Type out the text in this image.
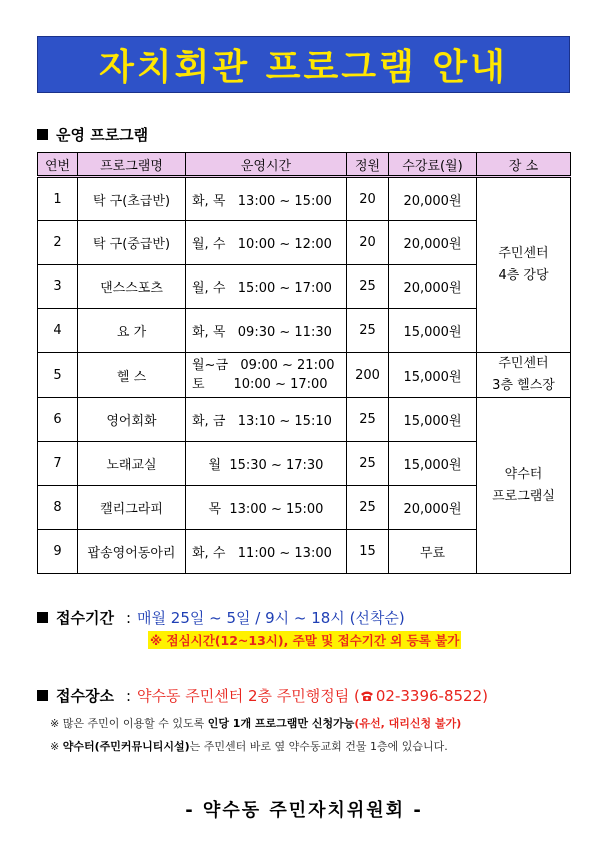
자치회관 프로그램 안내
운영 프로그램
연번	프로그램명	운영시간	정원	수강료(월)	장 소
1	탁 구(초급반)	화, 목   13:00 ~ 15:00	20	20,000원	주민센터
4층 강당
2	탁 구(중급반)	월, 수   10:00 ~ 12:00	20	20,000원	
3	댄스스포츠	월, 수   15:00 ~ 17:00	25	20,000원	
4	요 가	화, 목   09:30 ~ 11:30	25	15,000원	
5	헬 스	월~금   09:00 ~ 21:00
토       10:00 ~ 17:00	200	15,000원	주민센터
3층 헬스장
6	영어회화	화, 금   13:10 ~ 15:10	25	15,000원	약수터
프로그램실
7	노래교실	월  15:30 ~ 17:30	25	15,000원	
8	캘리그라피	목  13:00 ~ 15:00	25	20,000원	
9	팝송영어동아리	화, 수   11:00 ~ 13:00	15	무료	
접수기간 : 매월 25일 ~ 5일 / 9시 ~ 18시 (선착순)
※ 점심시간(12~13시), 주말 및 접수기간 외 등록 불가
접수장소 : 약수동 주민센터 2층 주민행정팀 ( 02-3396-8522)
※ 많은 주민이 이용할 수 있도록 인당 1개 프로그램만 신청가능(유선, 대리신청 불가)
※ 약수터(주민커뮤니티시설)는 주민센터 바로 옆 약수동교회 건물 1층에 있습니다.
- 약수동 주민자치위원회 -
